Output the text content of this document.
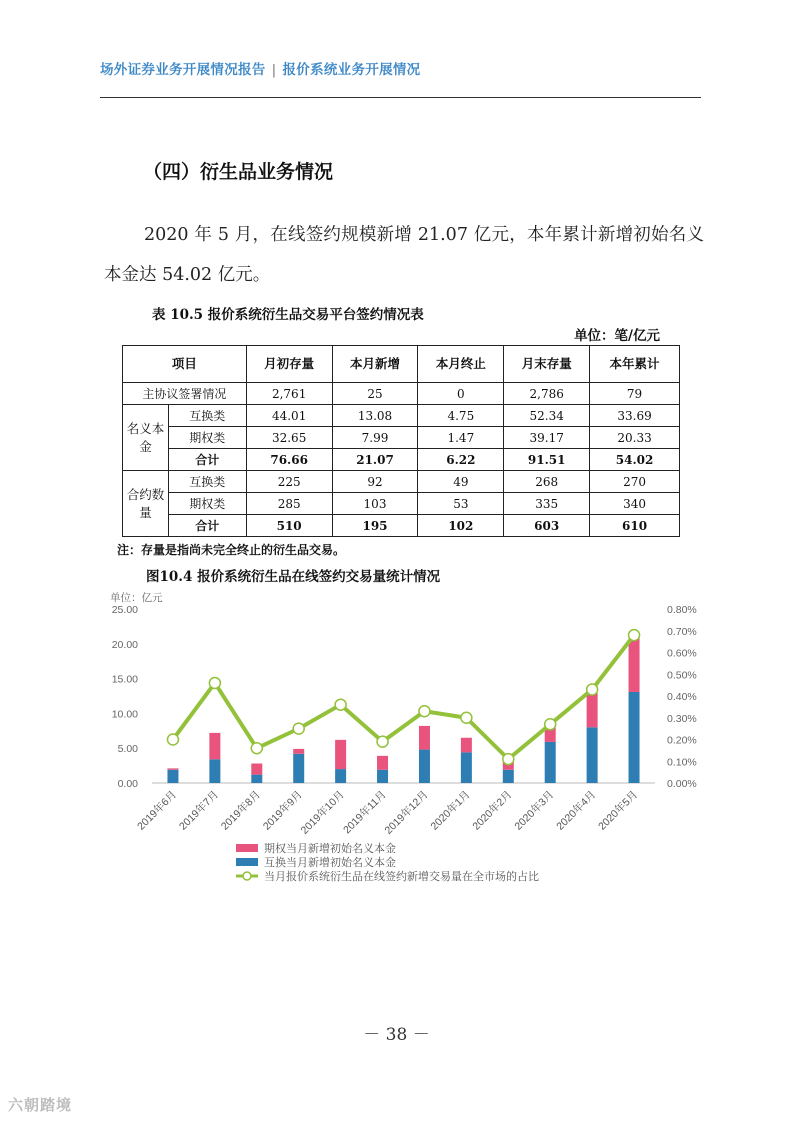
场外证券业务开展情况报告 | 报价系统业务开展情况
（四）衍生品业务情况
2020 年 5 月，在线签约规模新增 21.07 亿元，本年累计新增初始名义本金达 54.02 亿元。
表 10.5 报价系统衍生品交易平台签约情况表
单位：笔/亿元
项目		月初存量	本月新增	本月终止	月末存量	本年累计
主协议签署情况		2,761	25	0	2,786	79
名义本金	互换类	44.01	13.08	4.75	52.34	33.69
	期权类	32.65	7.99	1.47	39.17	20.33
	合计	76.66	21.07	6.22	91.51	54.02
合约数量	互换类	225	92	49	268	270
	期权类	285	103	53	335	340
	合计	510	195	102	603	610
注：存量是指尚未完全终止的衍生品交易。
图10.4 报价系统衍生品在线签约交易量统计情况
单位：亿元
0.00
5.00
10.00
15.00
20.00
25.00
0.00%
0.10%
0.20%
0.30%
0.40%
0.50%
0.60%
0.70%
0.80%
2019年6月
2019年7月
2019年8月
2019年9月
2019年10月
2019年11月
2019年12月
2020年1月
2020年2月
2020年3月
2020年4月
2020年5月
期权当月新增初始名义本金
互换当月新增初始名义本金
当月报价系统衍生品在线签约新增交易量在全市场的占比
－ 38 －
六朝踏境
